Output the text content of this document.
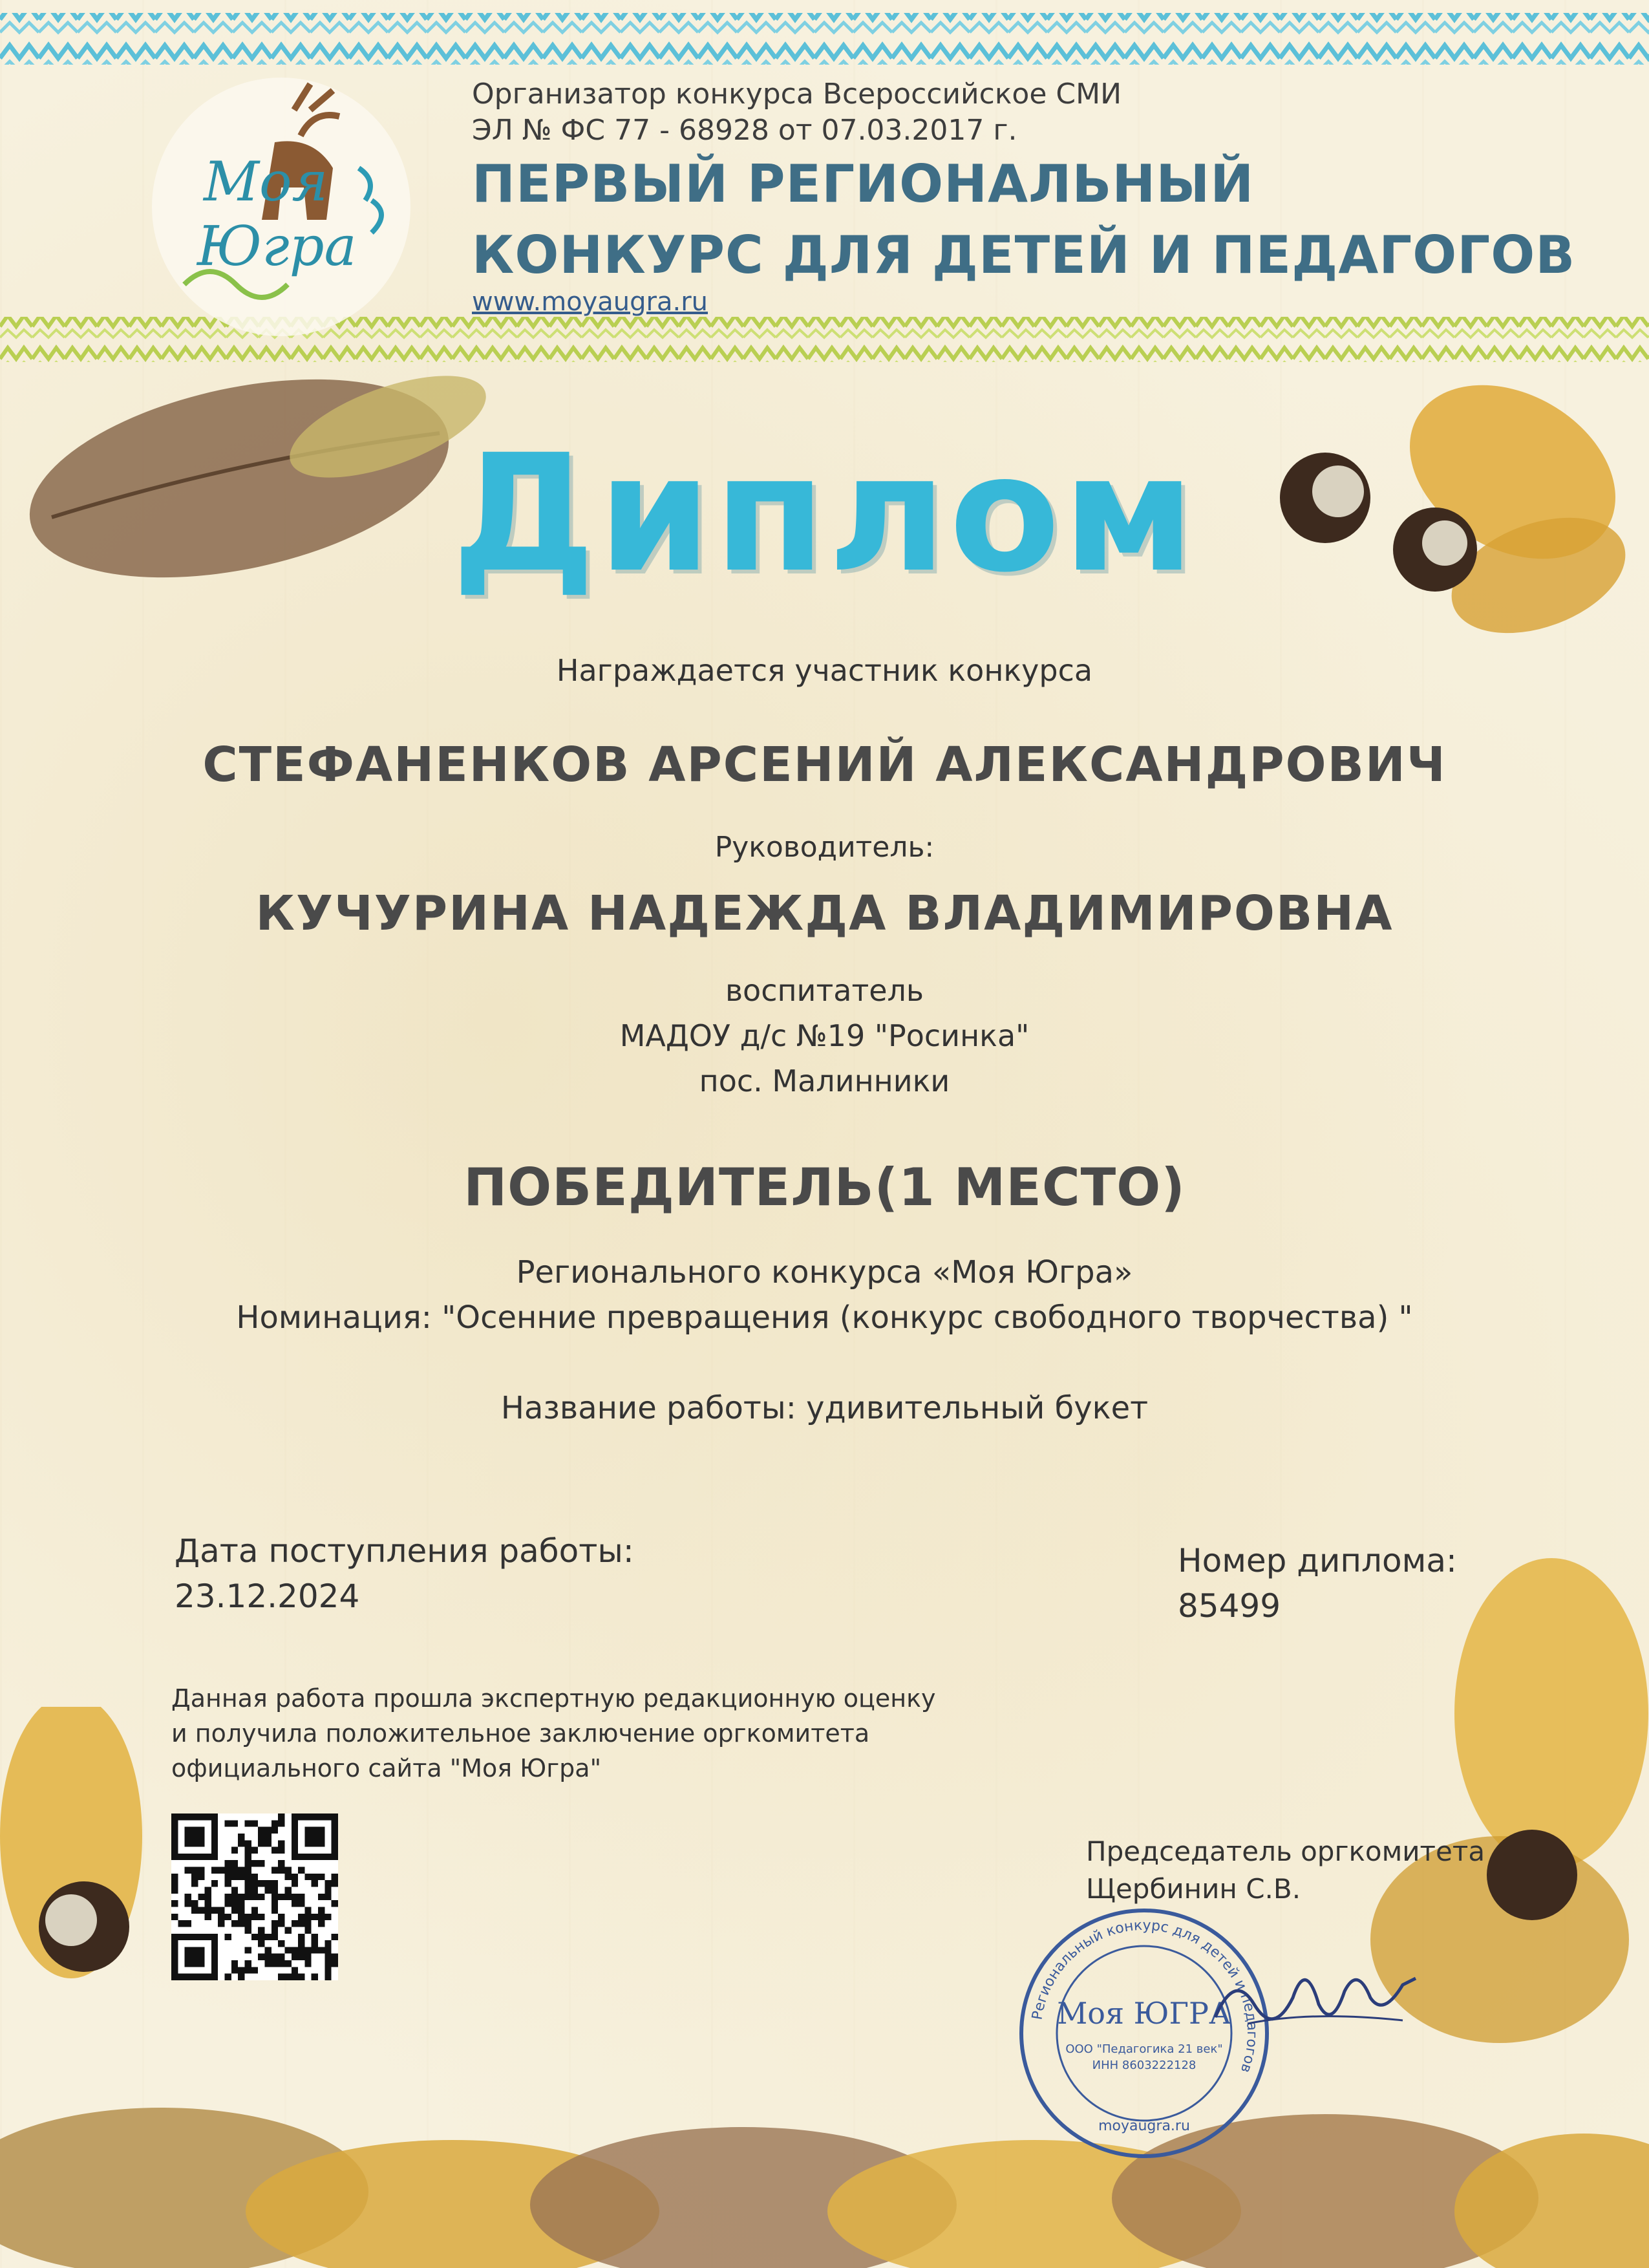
Моя
Югра
Организатор конкурса Всероссийское СМИ
ЭЛ № ФС 77 - 68928 от 07.03.2017 г.
ПЕРВЫЙ РЕГИОНАЛЬНЫЙ
КОНКУРС ДЛЯ ДЕТЕЙ И ПЕДАГОГОВ
www.moyaugra.ru
Диплом
Награждается участник конкурса
СТЕФАНЕНКОВ АРСЕНИЙ АЛЕКСАНДРОВИЧ
Руководитель:
КУЧУРИНА НАДЕЖДА ВЛАДИМИРОВНА
воспитатель
МАДОУ д/с №19 "Росинка"
пос. Малинники
ПОБЕДИТЕЛЬ(1 МЕСТО)
Регионального конкурса «Моя Югра»
Номинация: "Осенние превращения (конкурс свободного творчества) "
Название работы: удивительный букет
Дата поступления работы:
23.12.2024
Номер диплома:
85499
Данная работа прошла экспертную редакционную оценку
и получила положительное заключение оргкомитета
официального сайта "Моя Югра"
Председатель оргкомитета
Щербинин С.В.
Региональный конкурс для детей и педагогов
Моя ЮГРА
ООО "Педагогика 21 век"
ИНН 8603222128
moyaugra.ru
